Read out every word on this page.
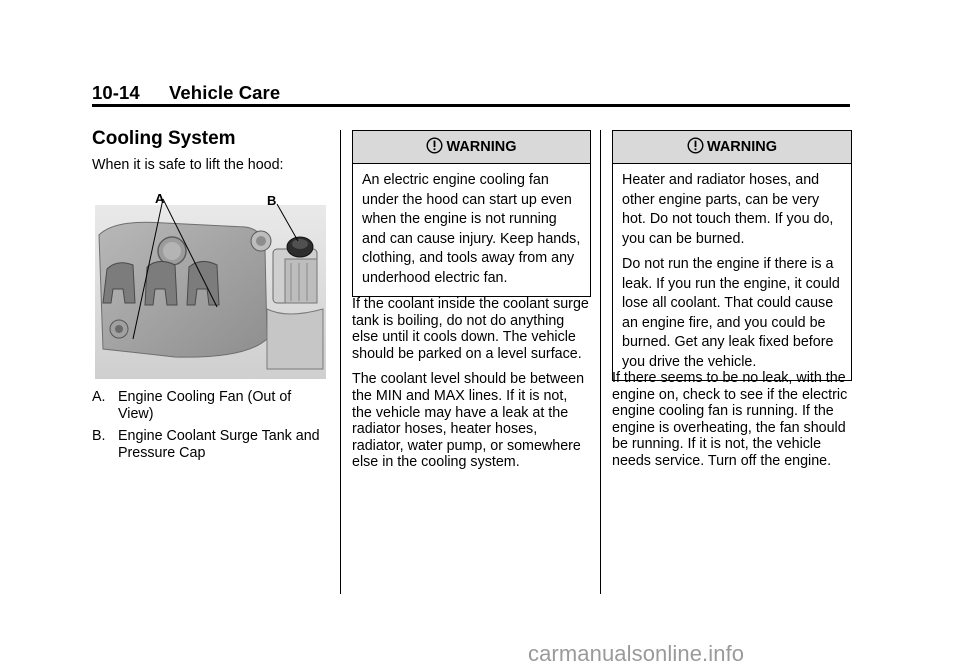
10-14 Vehicle Care
Cooling System

When it is safe to lift the hood:

A	B
A. Engine Cooling Fan (Out of View)
B. Engine Coolant Surge Tank and Pressure Cap
WARNING

An electric engine cooling fan under the hood can start up even when the engine is not running and can cause injury. Keep hands, clothing, and tools away from any underhood electric fan.

If the coolant inside the coolant surge tank is boiling, do not do anything else until it cools down. The vehicle should be parked on a level surface.

The coolant level should be between the MIN and MAX lines. If it is not, the vehicle may have a leak at the radiator hoses, heater hoses, radiator, water pump, or somewhere else in the cooling system.

WARNING

Heater and radiator hoses, and other engine parts, can be very hot. Do not touch them. If you do, you can be burned.

Do not run the engine if there is a leak. If you run the engine, it could lose all coolant. That could cause an engine fire, and you could be burned. Get any leak fixed before you drive the vehicle.

If there seems to be no leak, with the engine on, check to see if the electric engine cooling fan is running. If the engine is overheating, the fan should be running. If it is not, the vehicle needs service. Turn off the engine.

carmanualsonline.info
